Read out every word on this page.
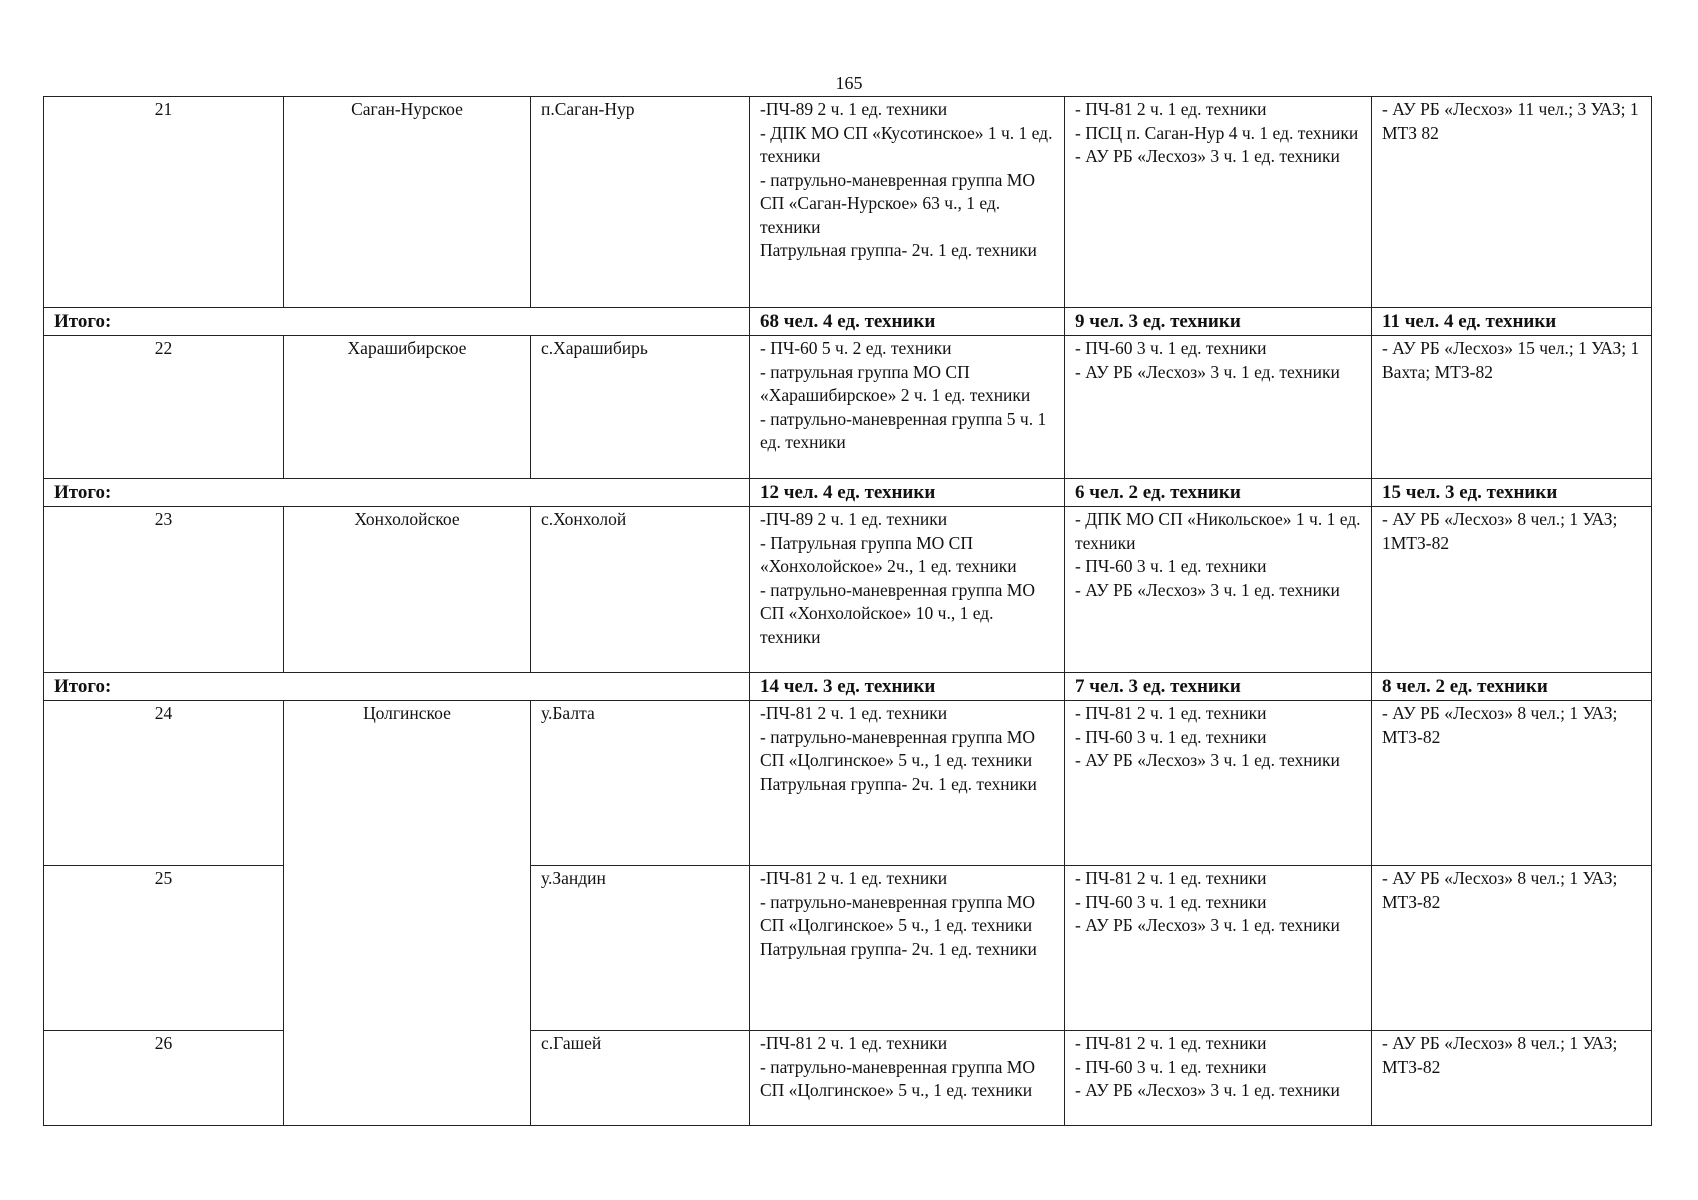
165
21	Саган-Нурское	п.Саган-Нур	-ПЧ-89 2 ч. 1 ед. техники
- ДПК МО СП «Кусотинское» 1 ч. 1 ед. техники
- патрульно-маневренная группа МО СП «Саган-Нурское» 63 ч., 1 ед. техники
Патрульная группа- 2ч. 1 ед. техники	- ПЧ-81 2 ч. 1 ед. техники
- ПСЦ п. Саган-Нур 4 ч. 1 ед. техники
- АУ РБ «Лесхоз» 3 ч. 1 ед. техники	- АУ РБ «Лесхоз» 11 чел.; 3 УАЗ; 1 МТЗ 82

Итого:			68 чел. 4 ед. техники	9 чел. 3 ед. техники	11 чел. 4 ед. техники
22	Харашибирское	с.Харашибирь	- ПЧ-60 5 ч. 2 ед. техники
- патрульная группа МО СП «Харашибирское» 2 ч. 1 ед. техники
- патрульно-маневренная группа 5 ч. 1 ед. техники	- ПЧ-60 3 ч. 1 ед. техники
- АУ РБ «Лесхоз» 3 ч. 1 ед. техники	- АУ РБ «Лесхоз» 15 чел.; 1 УАЗ; 1 Вахта; МТЗ-82

Итого:			12 чел. 4 ед. техники	6 чел. 2 ед. техники	15 чел. 3 ед. техники
23	Хонхолойское	с.Хонхолой	-ПЧ-89 2 ч. 1 ед. техники
- Патрульная группа МО СП «Хонхолойское» 2ч., 1 ед. техники
- патрульно-маневренная группа МО СП «Хонхолойское» 10 ч., 1 ед. техники	- ДПК МО СП «Никольское» 1 ч. 1 ед. техники
- ПЧ-60 3 ч. 1 ед. техники
- АУ РБ «Лесхоз» 3 ч. 1 ед. техники	- АУ РБ «Лесхоз» 8 чел.; 1 УАЗ; 1МТЗ-82

Итого:			14 чел. 3 ед. техники	7 чел. 3 ед. техники	8 чел. 2 ед. техники
24	Цолгинское	у.Балта	-ПЧ-81 2 ч. 1 ед. техники
- патрульно-маневренная группа МО СП «Цолгинское» 5 ч., 1 ед. техники
Патрульная группа- 2ч. 1 ед. техники	- ПЧ-81 2 ч. 1 ед. техники
- ПЧ-60 3 ч. 1 ед. техники
- АУ РБ «Лесхоз» 3 ч. 1 ед. техники	- АУ РБ «Лесхоз» 8 чел.; 1 УАЗ; МТЗ-82

25		у.Зандин	-ПЧ-81 2 ч. 1 ед. техники
- патрульно-маневренная группа МО СП «Цолгинское» 5 ч., 1 ед. техники
Патрульная группа- 2ч. 1 ед. техники	- ПЧ-81 2 ч. 1 ед. техники
- ПЧ-60 3 ч. 1 ед. техники
- АУ РБ «Лесхоз» 3 ч. 1 ед. техники	- АУ РБ «Лесхоз» 8 чел.; 1 УАЗ; МТЗ-82

26		с.Гашей	-ПЧ-81 2 ч. 1 ед. техники
- патрульно-маневренная группа МО СП «Цолгинское» 5 ч., 1 ед. техники	- ПЧ-81 2 ч. 1 ед. техники
- ПЧ-60 3 ч. 1 ед. техники
- АУ РБ «Лесхоз» 3 ч. 1 ед. техники	- АУ РБ «Лесхоз» 8 чел.; 1 УАЗ; МТЗ-82
